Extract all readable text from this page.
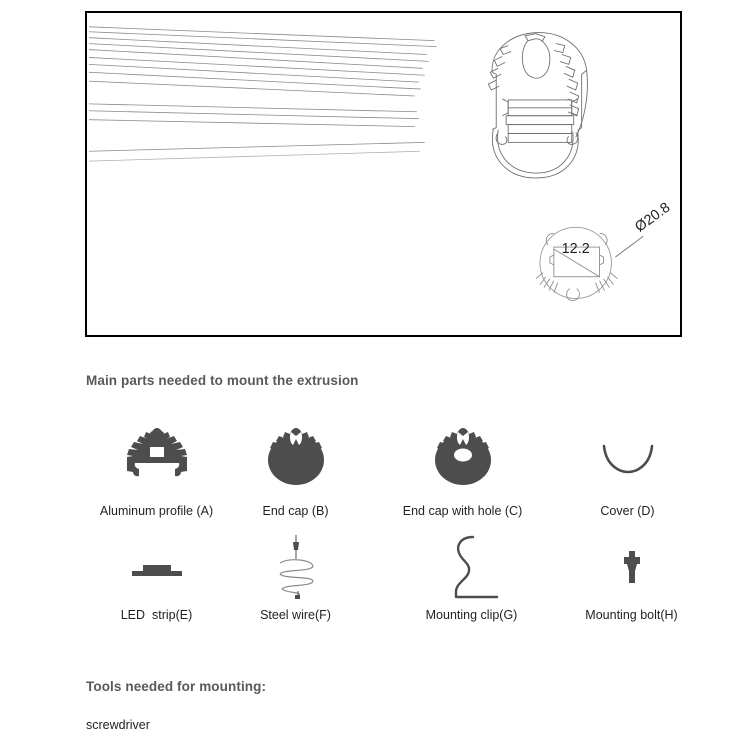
Ø20.8
12.2
Main parts needed to mount the extrusion
Aluminum profile (A)	End cap (B)	End cap with hole (C)	Cover (D)
LED  strip(E)	Steel wire(F)	Mounting clip(G)	Mounting bolt(H)
Tools needed for mounting:
screwdriver
